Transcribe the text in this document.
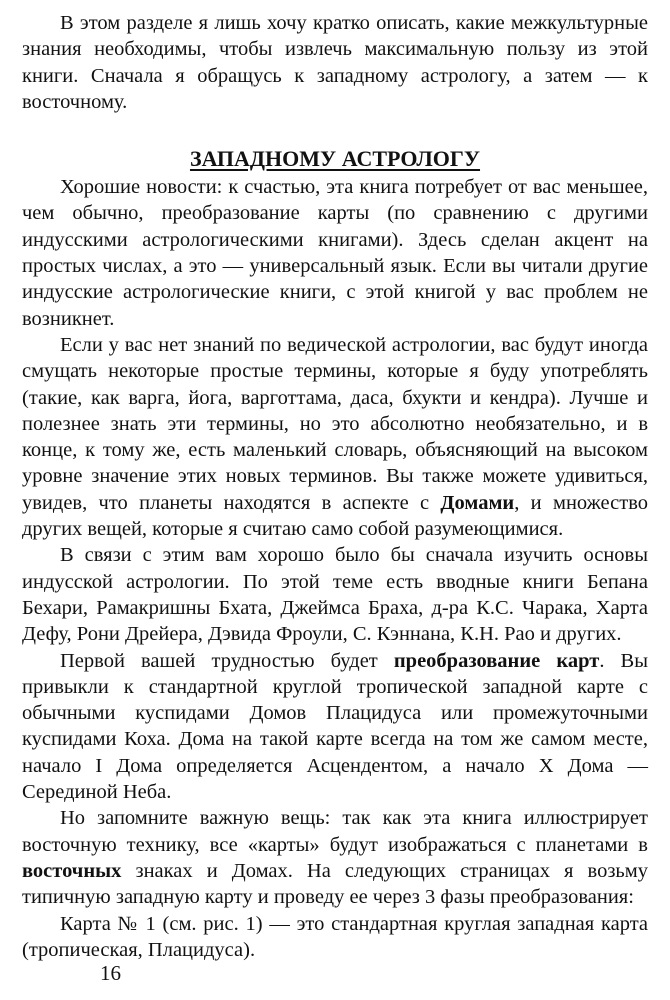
В этом разделе я лишь хочу кратко описать, какие межкультурные знания необходимы, чтобы извлечь максимальную пользу из этой книги. Сначала я обращусь к западному астрологу, а затем — к восточному.

ЗАПАДНОМУ АСТРОЛОГУ

Хорошие новости: к счастью, эта книга потребует от вас меньшее, чем обычно, преобразование карты (по сравнению с другими индусскими астрологическими книгами). Здесь сделан акцент на простых числах, а это — универсальный язык. Если вы читали другие индусские астрологические книги, с этой книгой у вас проблем не возникнет.

Если у вас нет знаний по ведической астрологии, вас будут иногда смущать некоторые простые термины, которые я буду употреблять (такие, как варга, йога, варготтама, даса, бхукти и кендра). Лучше и полезнее знать эти термины, но это абсолютно необязательно, и в конце, к тому же, есть маленький словарь, объясняющий на высоком уровне значение этих новых терминов. Вы также можете удивиться, увидев, что планеты находятся в аспекте с Домами, и множество других вещей, которые я считаю само собой разумеющимися.

В связи с этим вам хорошо было бы сначала изучить основы индусской астрологии. По этой теме есть вводные книги Бепана Бехари, Рамакришны Бхата, Джеймса Браха, д-ра К.С. Чарака, Харта Дефу, Рони Дрейера, Дэвида Фроули, С. Кэннана, К.Н. Рао и других.

Первой вашей трудностью будет преобразование карт. Вы привыкли к стандартной круглой тропической западной карте с обычными куспидами Домов Плацидуса или промежуточными куспидами Коха. Дома на такой карте всегда на том же самом месте, начало I Дома определяется Асцендентом, а начало X Дома — Серединой Неба.

Но запомните важную вещь: так как эта книга иллюстрирует восточную технику, все «карты» будут изображаться с планетами в восточных знаках и Домах. На следующих страницах я возьму типичную западную карту и проведу ее через 3 фазы преобразования:

Карта № 1 (см. рис. 1) — это стандартная круглая западная карта (тропическая, Плацидуса).

16
